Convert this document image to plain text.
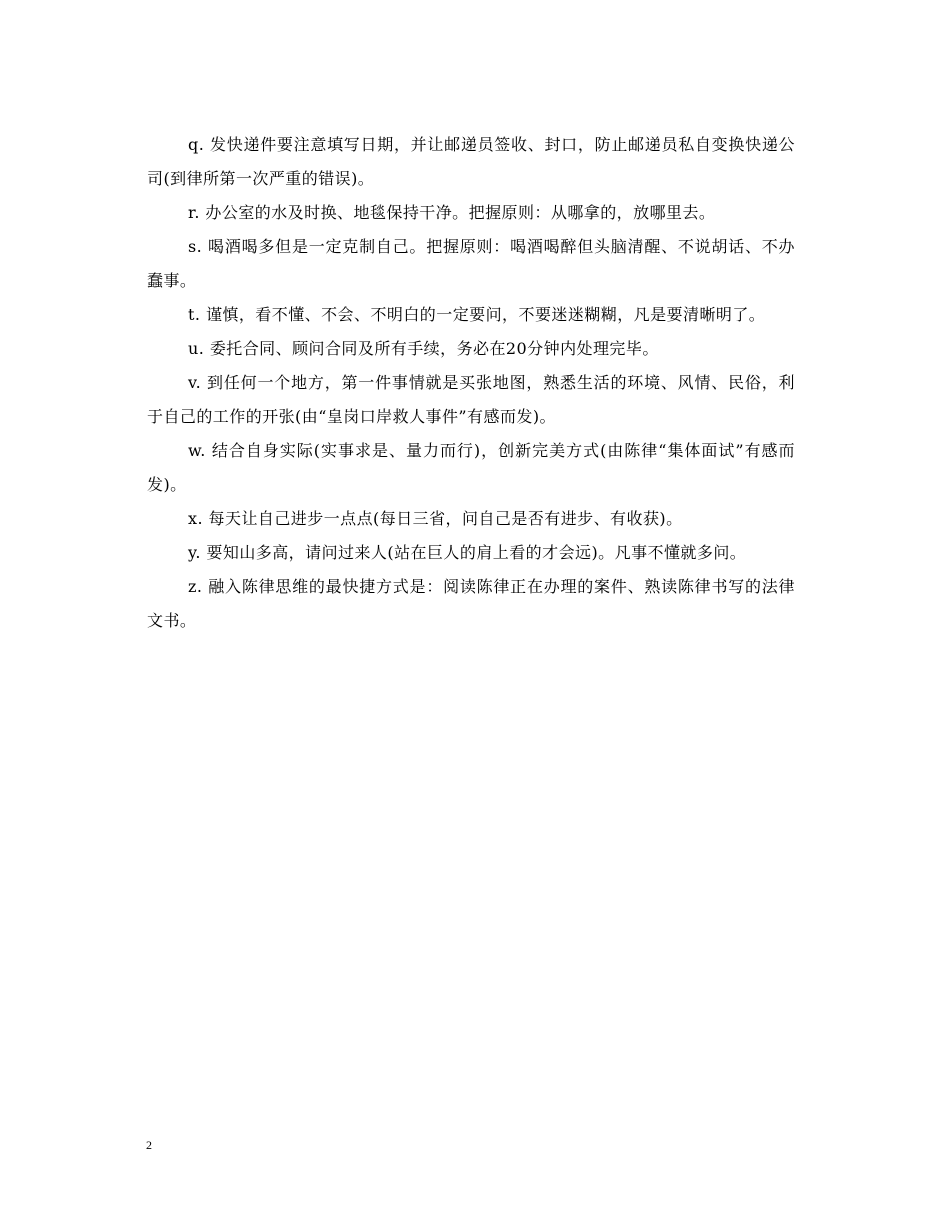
q. 发快递件要注意填写日期，并让邮递员签收、封口，防止邮递员私自变换快递公司(到律所第一次严重的错误)。

r. 办公室的水及时换、地毯保持干净。把握原则：从哪拿的，放哪里去。

s. 喝酒喝多但是一定克制自己。把握原则：喝酒喝醉但头脑清醒、不说胡话、不办蠢事。

t. 谨慎，看不懂、不会、不明白的一定要问，不要迷迷糊糊，凡是要清晰明了。

u. 委托合同、顾问合同及所有手续，务必在20分钟内处理完毕。

v. 到任何一个地方，第一件事情就是买张地图，熟悉生活的环境、风情、民俗，利于自己的工作的开张(由“皇岗口岸救人事件”有感而发)。

w. 结合自身实际(实事求是、量力而行)，创新完美方式(由陈律“集体面试”有感而发)。

x. 每天让自己进步一点点(每日三省，问自己是否有进步、有收获)。

y. 要知山多高，请问过来人(站在巨人的肩上看的才会远)。凡事不懂就多问。

z. 融入陈律思维的最快捷方式是：阅读陈律正在办理的案件、熟读陈律书写的法律文书。

2
